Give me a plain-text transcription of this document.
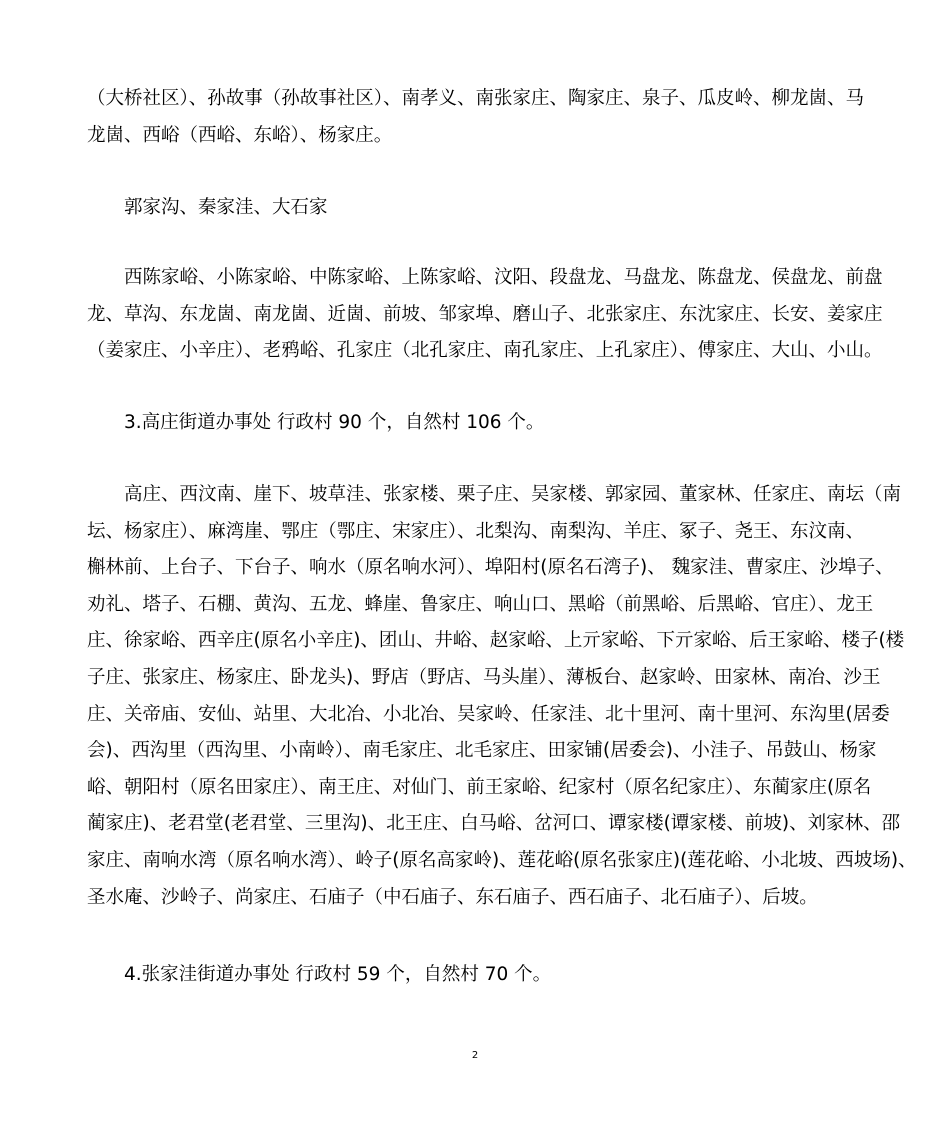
（大桥社区）、孙故事（孙故事社区）、南孝义、南张家庄、陶家庄、泉子、瓜皮岭、柳龙崮、马
龙崮、西峪（西峪、东峪）、杨家庄。

郭家沟、秦家洼、大石家

西陈家峪、小陈家峪、中陈家峪、上陈家峪、汶阳、段盘龙、马盘龙、陈盘龙、侯盘龙、前盘
龙、草沟、东龙崮、南龙崮、近崮、前坡、邹家埠、磨山子、北张家庄、东沈家庄、长安、姜家庄
（姜家庄、小辛庄）、老鸦峪、孔家庄（北孔家庄、南孔家庄、上孔家庄）、傅家庄、大山、小山。

3.高庄街道办事处 行政村 90 个，自然村 106 个。

高庄、西汶南、崖下、坡草洼、张家楼、栗子庄、吴家楼、郭家园、董家林、任家庄、南坛（南
坛、杨家庄）、麻湾崖、鄂庄（鄂庄、宋家庄）、北梨沟、南梨沟、羊庄、冢子、尧王、东汶南、
槲林前、上台子、下台子、响水（原名响水河）、埠阳村(原名石湾子)、 魏家洼、曹家庄、沙埠子、
劝礼、塔子、石棚、黄沟、五龙、蜂崖、鲁家庄、响山口、黑峪（前黑峪、后黑峪、官庄）、龙王
庄、徐家峪、西辛庄(原名小辛庄)、团山、井峪、赵家峪、上亓家峪、下亓家峪、后王家峪、楼子(楼
子庄、张家庄、杨家庄、卧龙头)、野店（野店、马头崖）、薄板台、赵家岭、田家林、南冶、沙王
庄、关帝庙、安仙、站里、大北冶、小北冶、吴家岭、任家洼、北十里河、南十里河、东沟里(居委
会)、西沟里（西沟里、小南岭）、南毛家庄、北毛家庄、田家铺(居委会)、小洼子、吊鼓山、杨家
峪、朝阳村（原名田家庄）、南王庄、对仙门、前王家峪、纪家村（原名纪家庄）、东蔺家庄(原名
蔺家庄)、老君堂(老君堂、三里沟)、北王庄、白马峪、岔河口、谭家楼(谭家楼、前坡)、刘家林、邵
家庄、南响水湾（原名响水湾）、岭子(原名高家岭)、莲花峪(原名张家庄)(莲花峪、小北坡、西坡场)、
圣水庵、沙岭子、尚家庄、石庙子（中石庙子、东石庙子、西石庙子、北石庙子）、后坡。

4.张家洼街道办事处 行政村 59 个，自然村 70 个。

2
